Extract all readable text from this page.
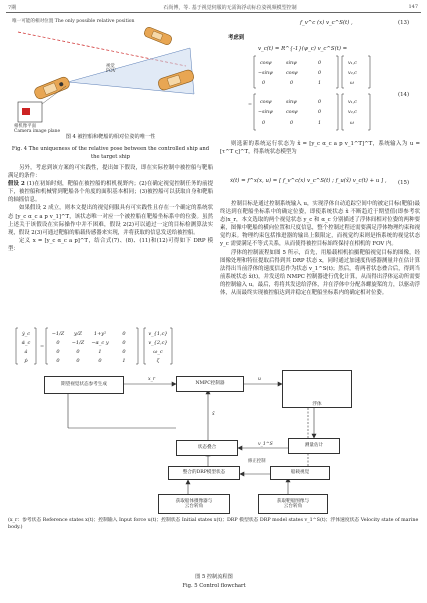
7期	石尚博，等. 基于视觉伺服的无需海浮动标位姿视频模型控制	147
唯一可能的相对位置 The only possible relative position
视觉
FOV
相机像平面
Camera image plane
图 4 被控船和靶船的相对位姿的唯一性
Fig. 4 The uniqueness of the relative pose between the controlled ship and the target ship

另外，考虑到该方案的可实践性，提出如下假设，即在实际控制中被控船与靶船满足的条件：

假设 2 (1)在初始时刻，靶船在被控船的相机视野内；(2)在确定视觉控制任务的前提下，被控船和机械臂到靶船各个角度的面积基本相同；(3)被控船可以获取自身和靶船的轴摇信息。

如果假设 2 成立，则本文提出的视觉伺服具有可实践性且存在一个确定的系统状态 [y_c α_c a p v_1]^T，该状态唯一对应一个被控船在靶船坐标系中的位姿。虽然上述关于该假设在实际操作中并不困难，假设 2(2)可以通过一定的目标检测算法实现，假设 2(3)可通过靶船的船载传感器来实现，并将获取的信息发送给被控船。

定义 x = [y_c α_c a p]^T，结合式(7)、(8)、(11)和(12)可得如下 DRP 模型：

ẏ_c
α̇_c
ȧ
ṗ
=
−1/Z y/Z 1+y²	0
0 −1/Z −α_c y	0
0	0	1	0
0	0	0	1
v_{1,c}
v_{2,c}
ω_c
ζ
f_v^c (x) v_c^S(t) ,	(13)
考虑到
v_c(t) = R^{-1}(ψ_c) v_c^S(t) =
cosψ	sinψ	0
−sinψ	cosψ	0
0	0	1
v₁,c
v₂,c
ω
=
cosψ	sinψ	0
−sinψ	cosψ	0
0	0	1
v₁,c
v₂,c
ω
(14)

则选新的系统运行状态为 x̃ = [y_c α_c a p v_1^T]^T，系统输入为 u = [τ^T ς]^T，得系统状态模型为

ẋ(t) = f^x(x, u) = [ f_v^c(x) v_c^S(t) ; f_u(x̃) v_c(t) + u ] , (15)

控制目标是通过控制系统输入 u，实现浮体自动追踪空间中的被定目标(靶船)最终达到在靶船坐标系中的确定位姿，即使系统状态 x̃ 不断趋近于期望值(即参考状态)x_r，本文选取的两个视觉状态 y_c 和 α_c 分别描述了浮体间相对位姿的两种要素，图像中靶船的横向位置和尺度信息，整个控制过程还需要满足浮体物理约束和视觉约束。物理约束包括推进器的输出上限限定，而视觉约束则是指系统的视觉状态 y_c 需要满足不等式关系，从而使得被控目标始终保持在相机的 FOV 内。

浮体的控制流程如图 5 所示，首先，用船载相机拍摄靶船视觉目标的图像，经图像处理和特征提取后得到其 DRP 状态 x，同时通过加速度传感器测量并在估计算法得出当前浮体的速度信息作为状态 v_1^S(t)；然后，将两者状态叠合后，得到当前系统状态 x̃(t)，并发送给 NMPC 控制器进行优化计算，从而得出浮体运动所需要的控制输入 u。最后，将将其发送给浮体，并在浮体中分配各螺旋桨的力，以驱动浮体，从而最终实现被控船达到并稳定在靶船坐标系内的确定相对位姿。

期望视觉状态参考生成	NMPC控制器
浮体
测量估计
状态叠合
整合的DRP模型状态	船载视觉
修正控制
获取船体摄像器与
云台转角
获取靶船图像与
云台转角
x_r	u
x̃
v_1^S
(x_r：参考状态 Reference states x(t)；控制输入 Input force u(t)；控制状态 Initial states x(t)；DRP 模型状态 DRP model states v_1^S(t)；浮体速度状态 Velocity state of marine body.)
图 5 控制流程图
Fig. 5 Control flowchart
